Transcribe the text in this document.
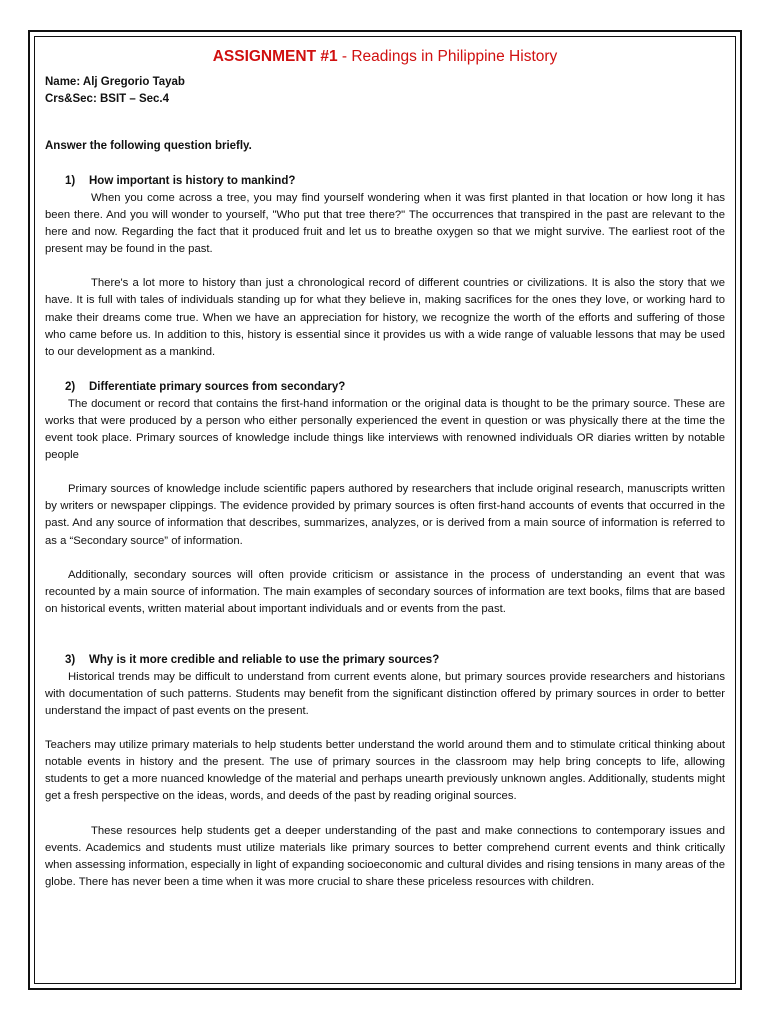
ASSIGNMENT #1 - Readings in Philippine History
Name: Alj Gregorio Tayab
Crs&Sec: BSIT – Sec.4
Answer the following question briefly.
1) How important is history to mankind?

When you come across a tree, you may find yourself wondering when it was first planted in that location or how long it has been there. And you will wonder to yourself, "Who put that tree there?" The occurrences that transpired in the past are relevant to the here and now. Regarding the fact that it produced fruit and let us to breathe oxygen so that we might survive. The earliest root of the present may be found in the past.

There's a lot more to history than just a chronological record of different countries or civilizations. It is also the story that we have. It is full with tales of individuals standing up for what they believe in, making sacrifices for the ones they love, or working hard to make their dreams come true. When we have an appreciation for history, we recognize the worth of the efforts and suffering of those who came before us. In addition to this, history is essential since it provides us with a wide range of valuable lessons that may be used to our development as a mankind.

2) Differentiate primary sources from secondary?

The document or record that contains the first-hand information or the original data is thought to be the primary source. These are works that were produced by a person who either personally experienced the event in question or was physically there at the time the event took place. Primary sources of knowledge include things like interviews with renowned individuals OR diaries written by notable people

Primary sources of knowledge include scientific papers authored by researchers that include original research, manuscripts written by writers or newspaper clippings. The evidence provided by primary sources is often first-hand accounts of events that occurred in the past. And any source of information that describes, summarizes, analyzes, or is derived from a main source of information is referred to as a “Secondary source” of information.

Additionally, secondary sources will often provide criticism or assistance in the process of understanding an event that was recounted by a main source of information. The main examples of secondary sources of information are text books, films that are based on historical events, written material about important individuals and or events from the past.

3) Why is it more credible and reliable to use the primary sources?

Historical trends may be difficult to understand from current events alone, but primary sources provide researchers and historians with documentation of such patterns. Students may benefit from the significant distinction offered by primary sources in order to better understand the impact of past events on the present.

Teachers may utilize primary materials to help students better understand the world around them and to stimulate critical thinking about notable events in history and the present. The use of primary sources in the classroom may help bring concepts to life, allowing students to get a more nuanced knowledge of the material and perhaps unearth previously unknown angles. Additionally, students might get a fresh perspective on the ideas, words, and deeds of the past by reading original sources.

These resources help students get a deeper understanding of the past and make connections to contemporary issues and events. Academics and students must utilize materials like primary sources to better comprehend current events and think critically when assessing information, especially in light of expanding socioeconomic and cultural divides and rising tensions in many areas of the globe. There has never been a time when it was more crucial to share these priceless resources with children.
